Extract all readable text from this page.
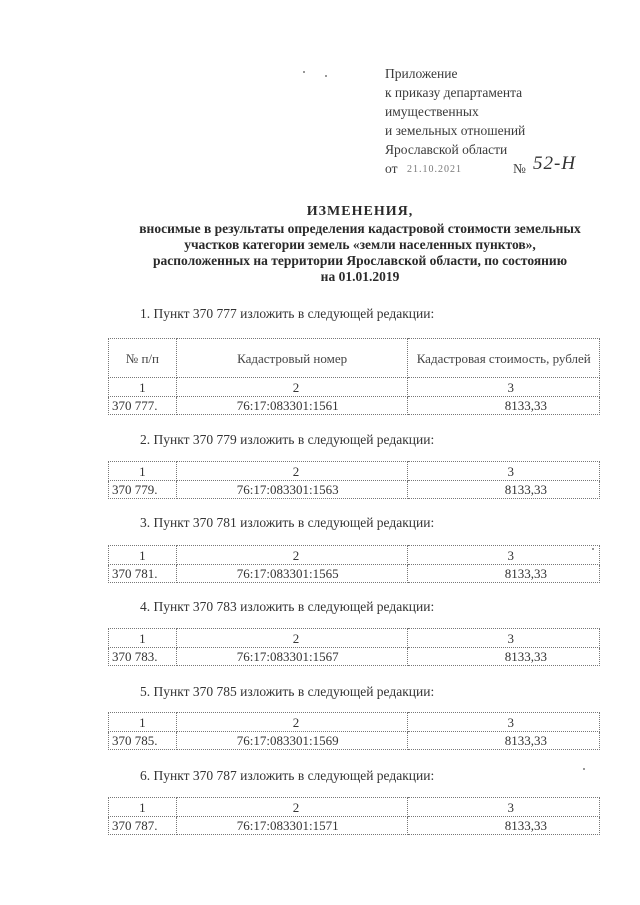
Приложение
к приказу департамента
имущественных
и земельных отношений
Ярославской области
от 21.10.2021	№ 52-Н
ИЗМЕНЕНИЯ,
вносимые в результаты определения кадастровой стоимости земельных
участков категории земель «земли населенных пунктов»,
расположенных на территории Ярославской области, по состоянию
на 01.01.2019
1. Пункт 370 777 изложить в следующей редакции:
№ п/п	Кадастровый номер	Кадастровая стоимость, рублей
1	2	3
370 777.	76:17:083301:1561	8133,33
2. Пункт 370 779 изложить в следующей редакции:
1	2	3
370 779.	76:17:083301:1563	8133,33
3. Пункт 370 781 изложить в следующей редакции:
1	2	3
370 781.	76:17:083301:1565	8133,33
4. Пункт 370 783 изложить в следующей редакции:
1	2	3
370 783.	76:17:083301:1567	8133,33
5. Пункт 370 785 изложить в следующей редакции:
1	2	3
370 785.	76:17:083301:1569	8133,33
6. Пункт 370 787 изложить в следующей редакции:
1	2	3
370 787.	76:17:083301:1571	8133,33
